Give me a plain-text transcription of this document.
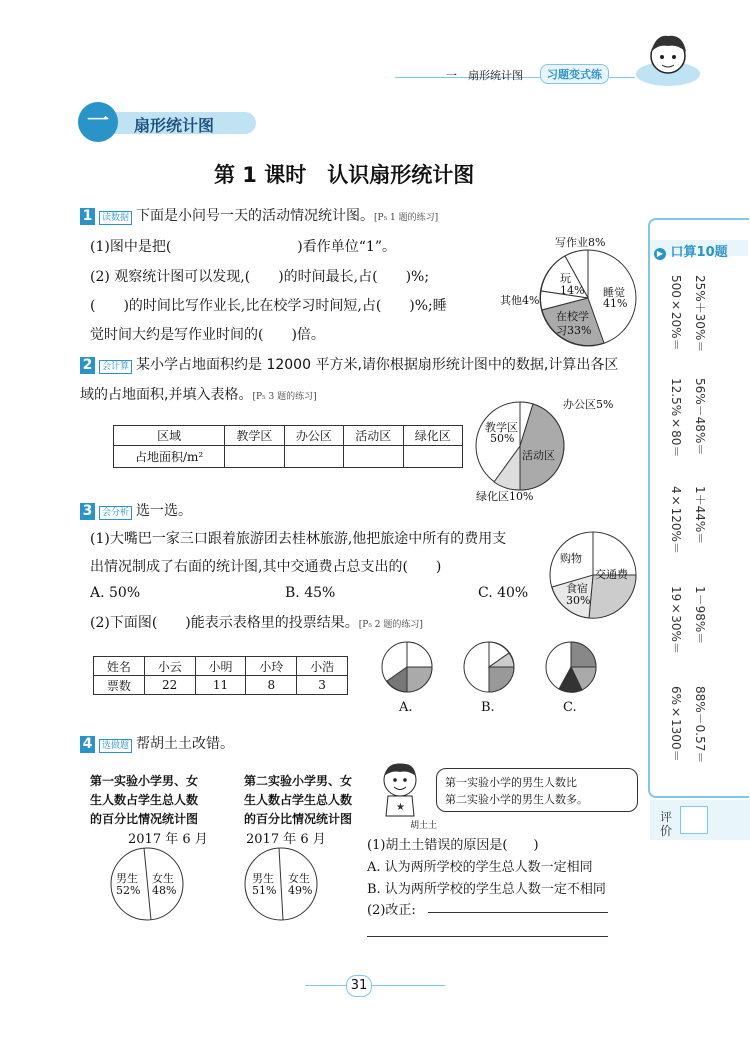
一　扇形统计图	习题变式练
一	扇形统计图
第 1 课时　认识扇形统计图
▶ 口算10题
25%＋30%＝
500×20%＝
56%－48%＝
12.5%×80＝
1＋44%＝
4×120%＝
1－98%＝
19×30%＝
88%－0.57＝
6%×1300＝
评价
1 读数据 下面是小问号一天的活动情况统计图。[P₅ 1 题的练习]
(1)图中是把(　　　　　　　　　)看作单位“1”。
(2) 观察统计图可以发现,(　　)的时间最长,占(　　)%;
(　　)的时间比写作业长,比在校学习时间短,占(　　)%;睡
觉时间大约是写作业时间的(　　)倍。
写作业8%
玩
14% 睡觉
41%
其他4%
在校学
习33%
2 会计算 某小学占地面积约是 12000 平方米,请你根据扇形统计图中的数据,计算出各区
域的占地面积,并填入表格。[P₅ 3 题的练习]
区域	教学区	办公区	活动区	绿化区
占地面积/m²				
教学区
50%
办公区5%
活动区
绿化区10%
3 会分析 选一选。
(1)大嘴巴一家三口跟着旅游团去桂林旅游,他把旅途中所有的费用支
出情况制成了右面的统计图,其中交通费占总支出的(　　)
A. 50%	B. 45%	C. 40%
购物
交通费
食宿
30%
(2)下面图(　　)能表示表格里的投票结果。[P₅ 2 题的练习]
姓名	小云	小明	小玲	小浩
票数	22	11	8	3
A.	B.	C.
4 选做题 帮胡土土改错。
第一实验小学男、女
生人数占学生总人数
的百分比情况统计图
2017 年 6 月
男生
52%
女生
48%
第二实验小学男、女
生人数占学生总人数
的百分比情况统计图
2017 年 6 月
男生
51%
女生
49%
★
胡土土
第一实验小学的男生人数比
第二实验小学的男生人数多。
(1)胡土土错误的原因是(　　)
A. 认为两所学校的学生总人数一定相同
B. 认为两所学校的学生总人数一定不相同
(2)改正:
31
